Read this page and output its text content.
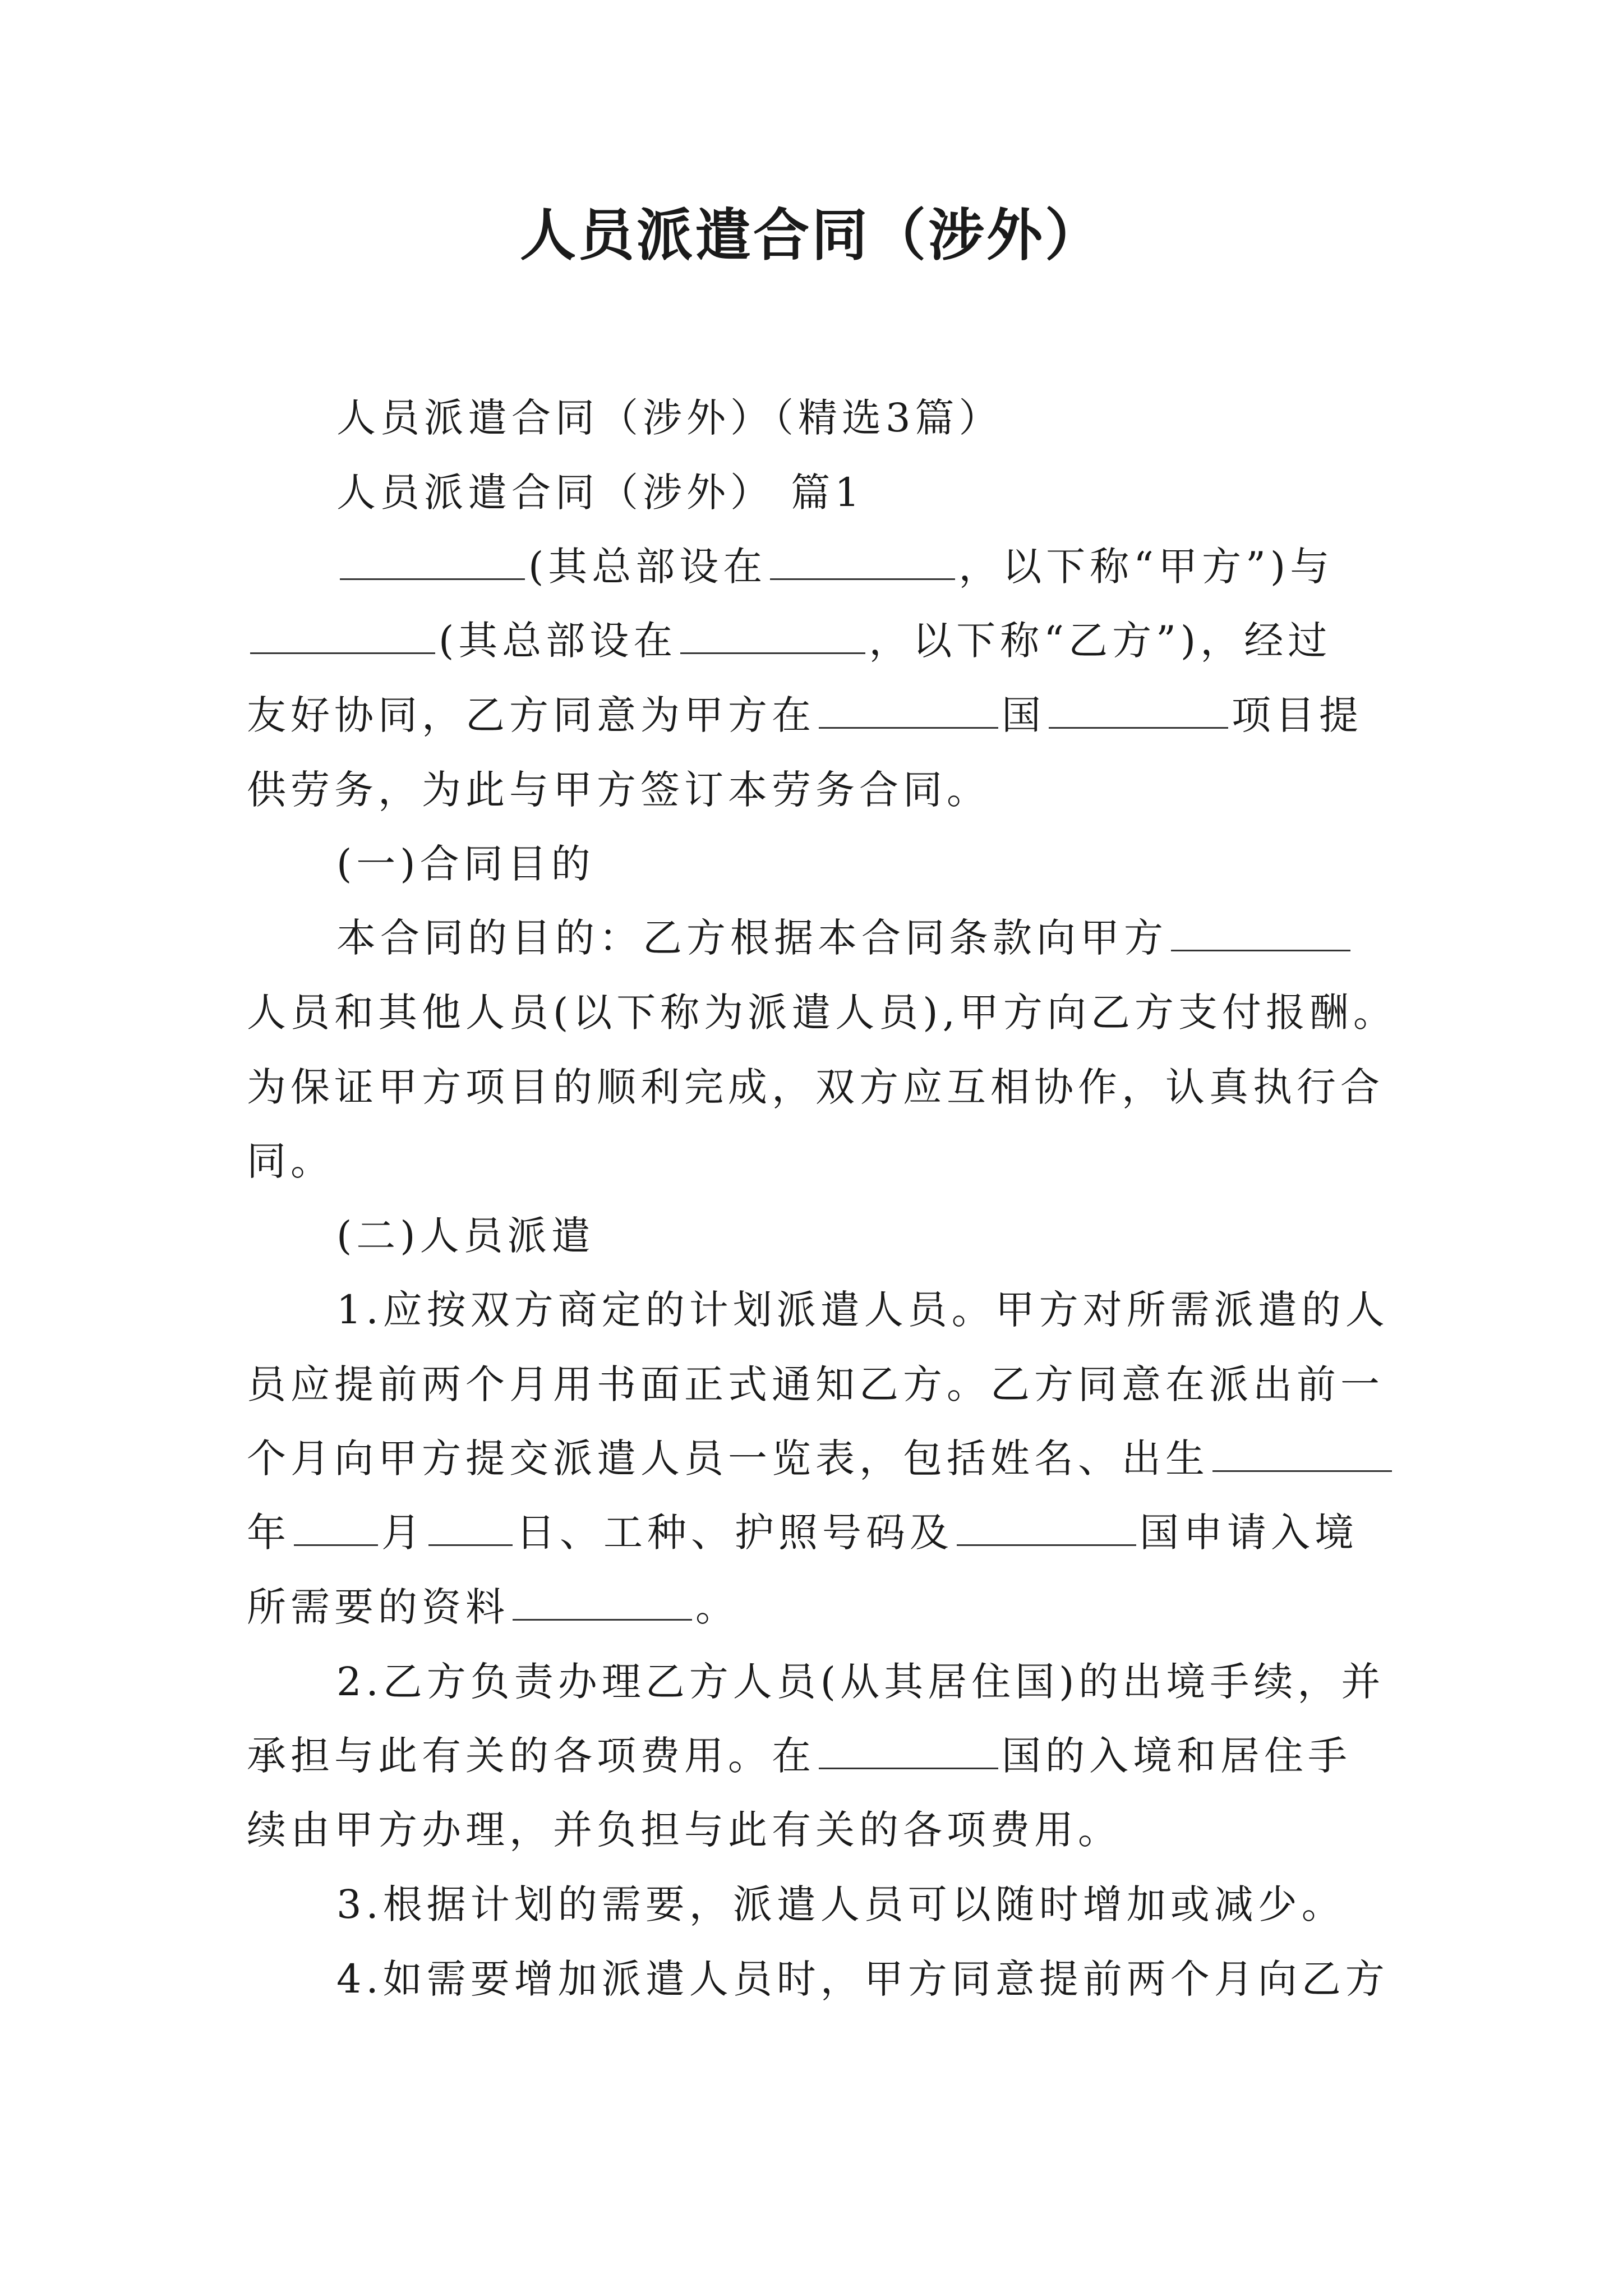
人员派遣合同（涉外）
人员派遣合同（涉外）（精选3篇）
人员派遣合同（涉外） 篇1
(其总部设在	，以下称“甲方”)与
(其总部设在	，以下称“乙方”)，经过
友好协同，乙方同意为甲方在	国	项目提
供劳务，为此与甲方签订本劳务合同。
(一)合同目的
本合同的目的：乙方根据本合同条款向甲方
人员和其他人员(以下称为派遣人员),甲方向乙方支付报酬。
为保证甲方项目的顺利完成，双方应互相协作，认真执行合
同。
(二)人员派遣
1.应按双方商定的计划派遣人员。甲方对所需派遣的人
员应提前两个月用书面正式通知乙方。乙方同意在派出前一
个月向甲方提交派遣人员一览表，包括姓名、出生
年 月 日、工种、护照号码及	国申请入境
所需要的资料	。
2.乙方负责办理乙方人员(从其居住国)的出境手续，并
承担与此有关的各项费用。在	国的入境和居住手
续由甲方办理，并负担与此有关的各项费用。
3.根据计划的需要，派遣人员可以随时增加或减少。
4.如需要增加派遣人员时，甲方同意提前两个月向乙方
